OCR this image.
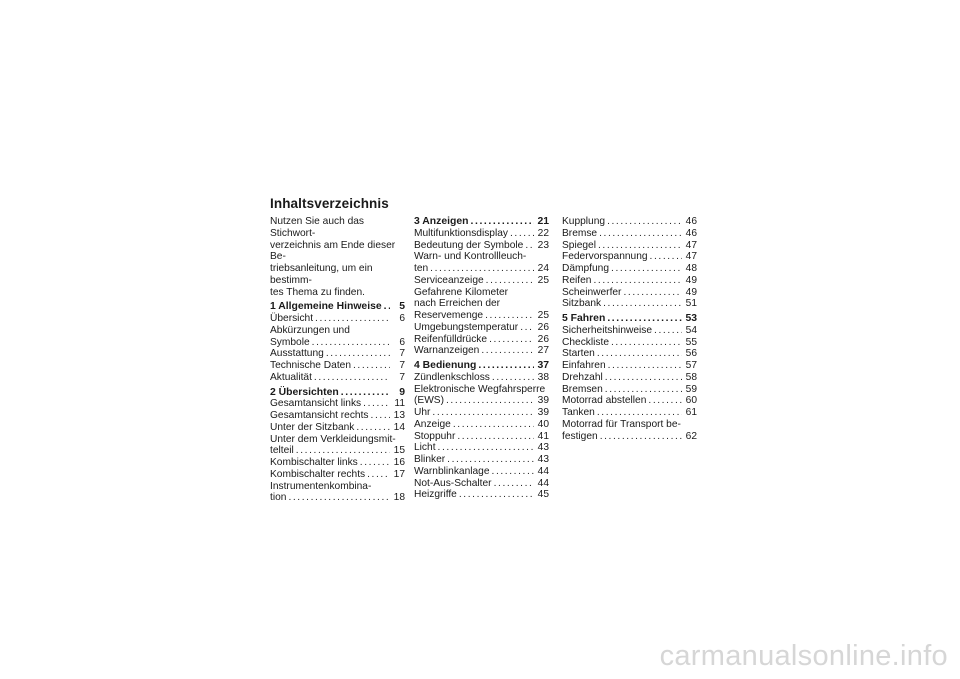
Inhaltsverzeichnis
Nutzen Sie auch das Stichwort-
verzeichnis am Ende dieser Be-
triebsanleitung, um ein bestimm-
tes Thema zu finden.
1 Allgemeine Hinweise .....	5
Übersicht .....	6
Abkürzungen und
Symbole .....	6
Ausstattung .....	7
Technische Daten .....	7
Aktualität .....	7
2 Übersichten .....	9
Gesamtansicht links .....	11
Gesamtansicht rechts ..... 13
Unter der Sitzbank .....	14
Unter dem Verkleidungsmit-
telteil .....	15
Kombischalter links .....	16
Kombischalter rechts .....	17
Instrumentenkombina-
tion .....	18
3 Anzeigen .....	21
Multifunktionsdisplay .....	22
Bedeutung der Symbole ..... 23
Warn- und Kontrollleuch-
ten .....	24
Serviceanzeige .....	25
Gefahrene Kilometer
nach Erreichen der
Reservemenge .....	25
Umgebungstemperatur ..... 26
Reifenfülldrücke .....	26
Warnanzeigen .....	27
4 Bedienung .....	37
Zündlenkschloss .....	38
Elektronische Wegfahrsperre
(EWS) .....	39
Uhr .....	39
Anzeige .....	40
Stoppuhr .....	41
Licht .....	43
Blinker .....	43
Warnblinkanlage .....	44
Not-Aus-Schalter .....	44
Heizgriffe .....	45
Kupplung .....	46
Bremse .....	46
Spiegel .....	47
Federvorspannung .....	47
Dämpfung .....	48
Reifen .....	49
Scheinwerfer .....	49
Sitzbank .....	51
5 Fahren .....	53
Sicherheitshinweise .....	54
Checkliste .....	55
Starten .....	56
Einfahren .....	57
Drehzahl .....	58
Bremsen .....	59
Motorrad abstellen .....	60
Tanken .....	61
Motorrad für Transport be-
festigen .....	62
carmanualsonline.info
